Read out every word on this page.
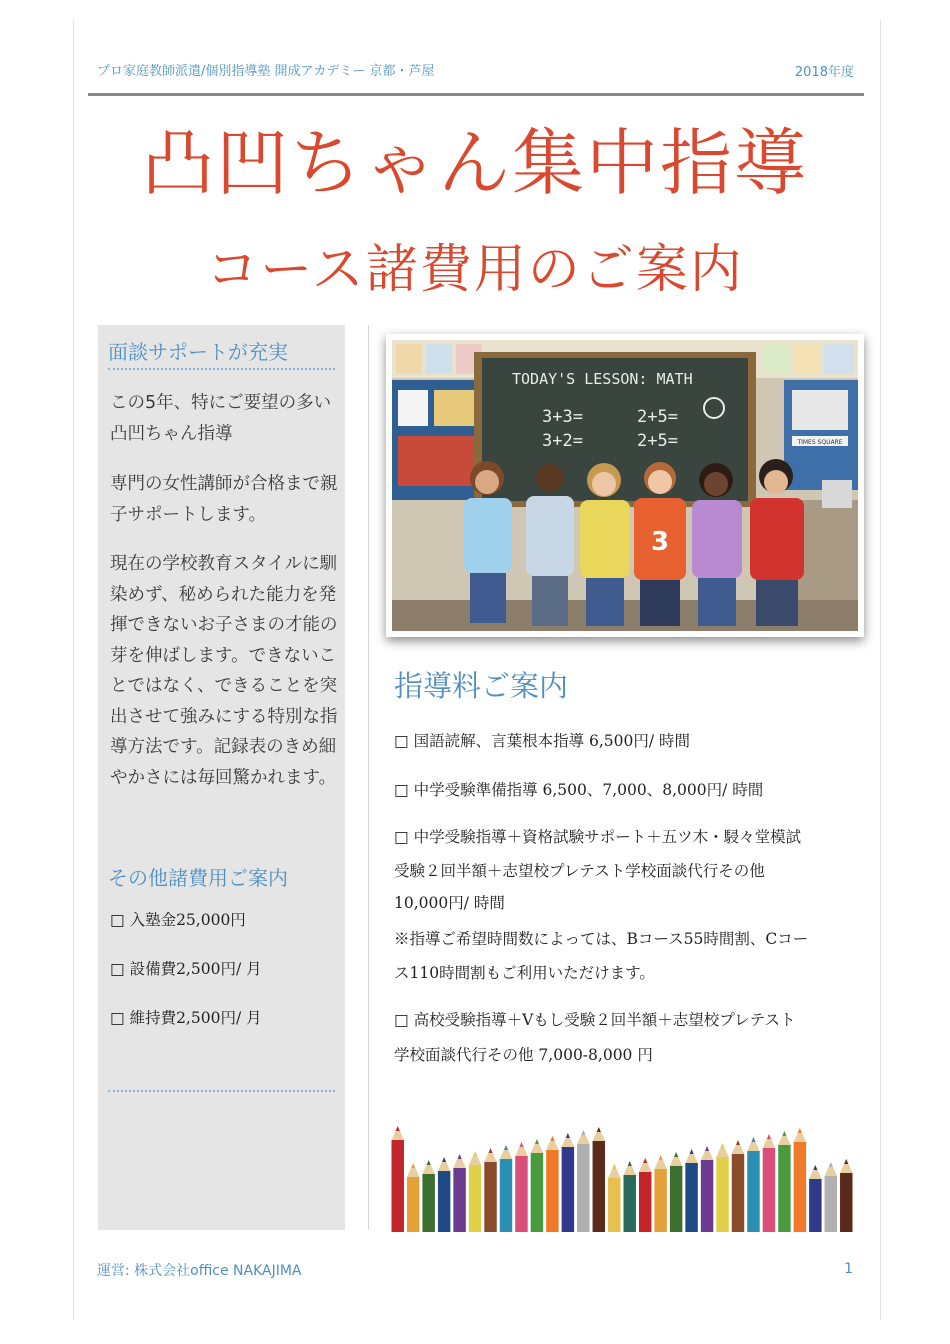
プロ家庭教師派遣/個別指導塾 開成アカデミー 京都・芦屋	2018年度
凸凹ちゃん集中指導
コース諸費用のご案内
面談サポートが充実
この5年、特にご要望の多い凸凹ちゃん指導
専門の女性講師が合格まで親子サポートします。
現在の学校教育スタイルに馴染めず、秘められた能力を発揮できないお子さまの才能の芽を伸ばします。できないことではなく、できることを突出させて強みにする特別な指導方法です。記録表のきめ細やかさには毎回驚かれます。
その他諸費用ご案内
□ 入塾金25,000円
□ 設備費2,500円/ 月
□ 維持費2,500円/ 月
TIMES SQUARE
TODAY'S LESSON: MATH
3+3=
3+2=
2+5=
2+5=
3
指導料ご案内
□ 国語読解、言葉根本指導 6,500円/ 時間
□ 中学受験準備指導 6,500、7,000、8,000円/ 時間
□ 中学受験指導＋資格試験サポート＋五ツ木・駸々堂模試
受験２回半額＋志望校プレテスト学校面談代行その他
10,000円/ 時間
※指導ご希望時間数によっては、Bコース55時間割、Cコー
ス110時間割もご利用いただけます。
□ 高校受験指導＋Vもし受験２回半額＋志望校プレテスト
学校面談代行その他 7,000-8,000 円
運営: 株式会社office NAKAJIMA	1
